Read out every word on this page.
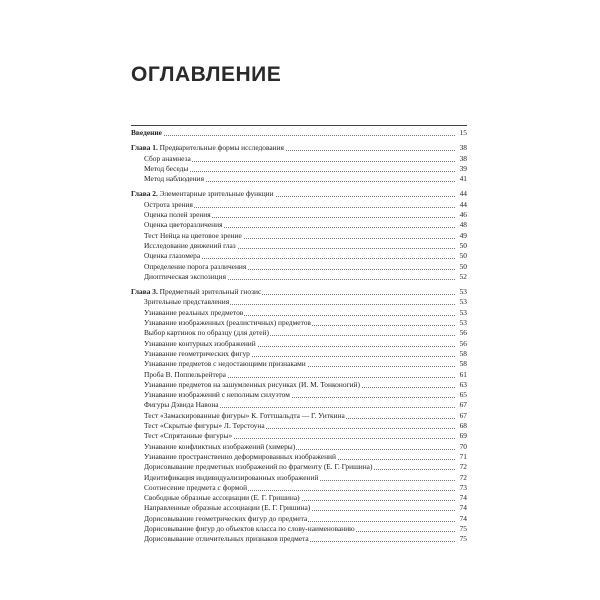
ОГЛАВЛЕНИЕ
Введение	15
Глава 1. Предварительные формы исследования	38
Сбор анамнеза	38
Метод беседы	39
Метод наблюдения	41
Глава 2. Элементарные зрительные функции	44
Острота зрения	44
Оценка полей зрения	46
Оценка цветоразличения	48
Тест Нейца на цветовое зрение	49
Исследование движений глаз	50
Оценка глазомера	50
Определение порога различения	50
Диоптическая экспозиция	52
Глава 3. Предметный зрительный гнозис	53
Зрительные представления	53
Узнавание реальных предметов	53
Узнавание изображенных (реалистичных) предметов	53
Выбор картинок по образцу (для детей)	56
Узнавание контурных изображений	56
Узнавание геометрических фигур	58
Узнавание предметов с недостающими признаками	58
Проба В. Поппельрейтера	61
Узнавание предметов на зашумленных рисунках (И. М. Тонконогий)	63
Узнавание изображений с неполным силуэтом	65
Фигуры Дэвида Навона	67
Тест «Замаскированные фигуры» К. Готтшальдта — Г. Уиткина	67
Тест «Скрытые фигуры» Л. Терстоуна	68
Тест «Спрятанные фигуры»	69
Узнавание конфликтных изображений (химеры)	70
Узнавание пространственно деформированных изображений	71
Дорисовывание предметных изображений по фрагменту (Е. Г. Гришина)	72
Идентификация индивидуализированных изображений	72
Соотнесение предмета с формой	73
Свободные образные ассоциации (Е. Г. Гришина)	74
Направленные образные ассоциации (Е. Г. Гришина)	74
Дорисовывание геометрических фигур до предмета	74
Дорисовывание фигур до объектов класса по слову-наименованию	75
Дорисовывание отличительных признаков предмета	75
